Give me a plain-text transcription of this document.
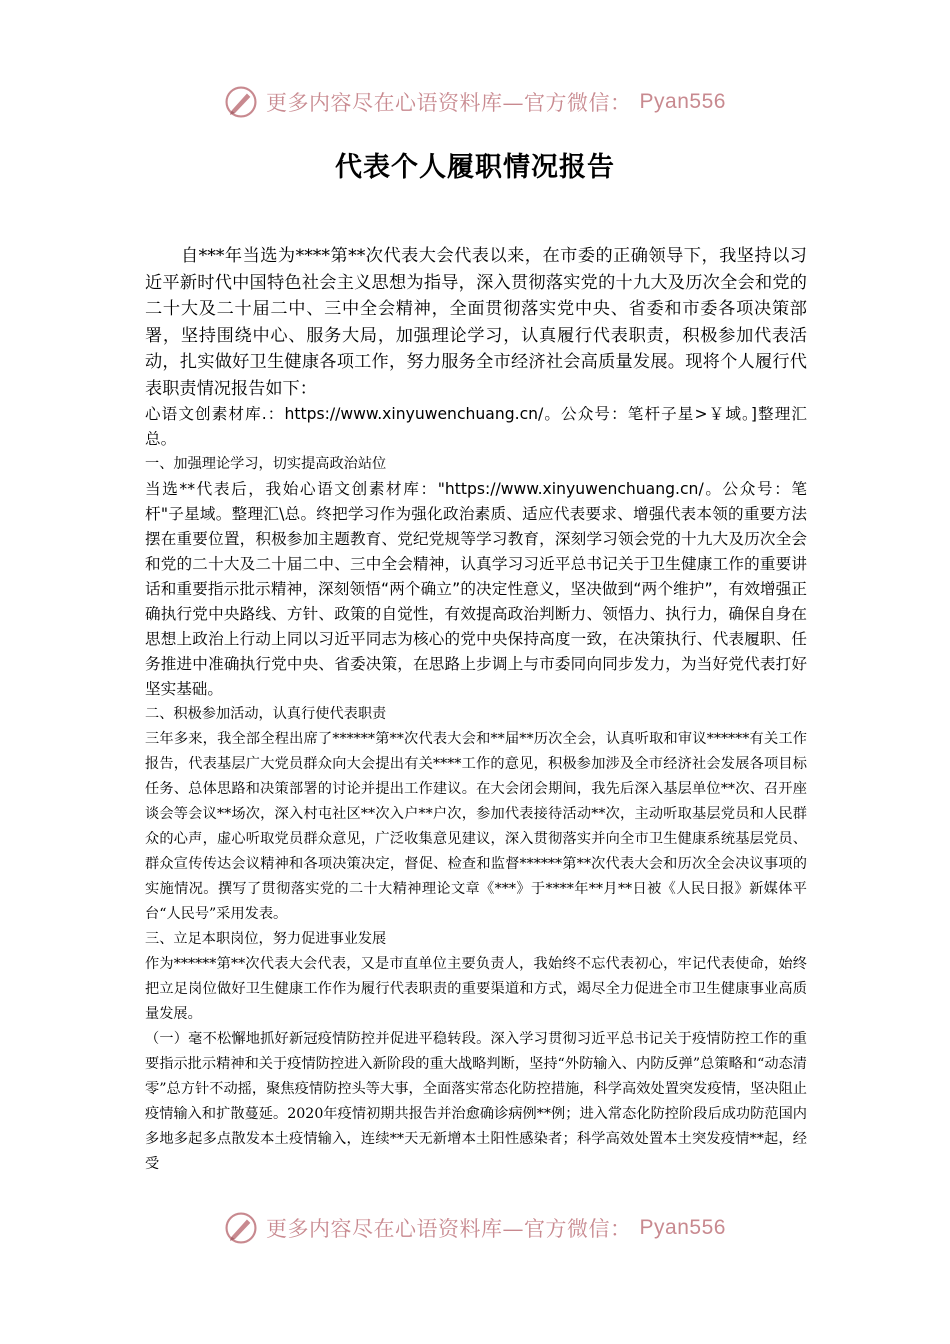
更多内容尽在心语资料库—官方微信： Pyan556
代表个人履职情况报告

自***年当选为****第**次代表大会代表以来，在市委的正确领导下，我坚持以习近平新时代中国特色社会主义思想为指导，深入贯彻落实党的十九大及历次全会和党的二十大及二十届二中、三中全会精神，全面贯彻落实党中央、省委和市委各项决策部署，坚持围绕中心、服务大局，加强理论学习，认真履行代表职责，积极参加代表活动，扎实做好卫生健康各项工作，努力服务全市经济社会高质量发展。现将个人履行代表职责情况报告如下：

心语文创素材库.：https://www.xinyuwenchuang.cn/。公众号：笔杆子星>￥域。]整理汇总。

一、加强理论学习，切实提高政治站位

当选**代表后，我始心语文创素材库："https://www.xinyuwenchuang.cn/。公众号：笔杆"子星域。整理汇\总。终把学习作为强化政治素质、适应代表要求、增强代表本领的重要方法摆在重要位置，积极参加主题教育、党纪党规等学习教育，深刻学习领会党的十九大及历次全会和党的二十大及二十届二中、三中全会精神，认真学习习近平总书记关于卫生健康工作的重要讲话和重要指示批示精神，深刻领悟“两个确立”的决定性意义，坚决做到“两个维护”，有效增强正确执行党中央路线、方针、政策的自觉性，有效提高政治判断力、领悟力、执行力，确保自身在思想上政治上行动上同以习近平同志为核心的党中央保持高度一致，在决策执行、代表履职、任务推进中准确执行党中央、省委决策，在思路上步调上与市委同向同步发力，为当好党代表打好坚实基础。

二、积极参加活动，认真行使代表职责

三年多来，我全部全程出席了******第**次代表大会和**届**历次全会，认真听取和审议******有关工作报告，代表基层广大党员群众向大会提出有关****工作的意见，积极参加涉及全市经济社会发展各项目标任务、总体思路和决策部署的讨论并提出工作建议。在大会闭会期间，我先后深入基层单位**次、召开座谈会等会议**场次，深入村屯社区**次入户**户次，参加代表接待活动**次，主动听取基层党员和人民群众的心声，虚心听取党员群众意见，广泛收集意见建议，深入贯彻落实并向全市卫生健康系统基层党员、群众宣传传达会议精神和各项决策决定，督促、检查和监督******第**次代表大会和历次全会决议事项的实施情况。撰写了贯彻落实党的二十大精神理论文章《***》于****年**月**日被《人民日报》新媒体平台“人民号”采用发表。

三、立足本职岗位，努力促进事业发展

作为******第**次代表大会代表，又是市直单位主要负责人，我始终不忘代表初心，牢记代表使命，始终把立足岗位做好卫生健康工作作为履行代表职责的重要渠道和方式，竭尽全力促进全市卫生健康事业高质量发展。

（一）毫不松懈地抓好新冠疫情防控并促进平稳转段。深入学习贯彻习近平总书记关于疫情防控工作的重要指示批示精神和关于疫情防控进入新阶段的重大战略判断，坚持“外防输入、内防反弹”总策略和“动态清零”总方针不动摇，聚焦疫情防控头等大事，全面落实常态化防控措施，科学高效处置突发疫情，坚决阻止疫情输入和扩散蔓延。2020年疫情初期共报告并治愈确诊病例**例；进入常态化防控阶段后成功防范国内多地多起多点散发本土疫情输入，连续**天无新增本土阳性感染者；科学高效处置本土突发疫情**起，经受

更多内容尽在心语资料库—官方微信： Pyan556
